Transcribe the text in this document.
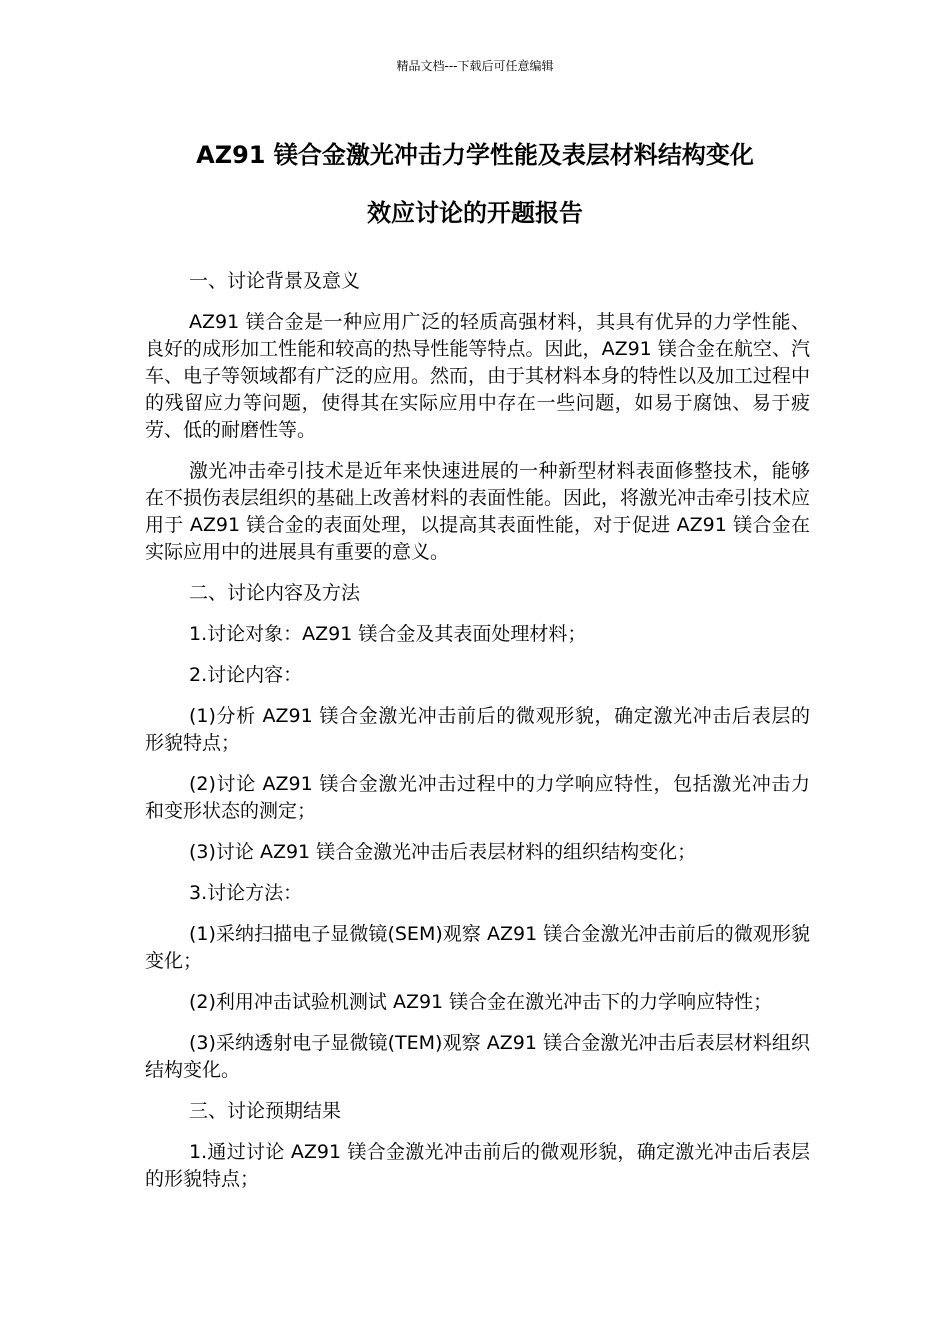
精品文档---下载后可任意编辑
AZ91 镁合金激光冲击力学性能及表层材料结构变化
效应讨论的开题报告

一、讨论背景及意义

AZ91 镁合金是一种应用广泛的轻质高强材料，其具有优异的力学性能、良好的成形加工性能和较高的热导性能等特点。因此，AZ91 镁合金在航空、汽车、电子等领域都有广泛的应用。然而，由于其材料本身的特性以及加工过程中的残留应力等问题，使得其在实际应用中存在一些问题，如易于腐蚀、易于疲劳、低的耐磨性等。

激光冲击牵引技术是近年来快速进展的一种新型材料表面修整技术，能够在不损伤表层组织的基础上改善材料的表面性能。因此，将激光冲击牵引技术应用于 AZ91 镁合金的表面处理，以提高其表面性能，对于促进 AZ91 镁合金在实际应用中的进展具有重要的意义。

二、讨论内容及方法

1.讨论对象：AZ91 镁合金及其表面处理材料；

2.讨论内容：

(1)分析 AZ91 镁合金激光冲击前后的微观形貌，确定激光冲击后表层的形貌特点；

(2)讨论 AZ91 镁合金激光冲击过程中的力学响应特性，包括激光冲击力和变形状态的测定；

(3)讨论 AZ91 镁合金激光冲击后表层材料的组织结构变化；

3.讨论方法：

(1)采纳扫描电子显微镜(SEM)观察 AZ91 镁合金激光冲击前后的微观形貌变化；

(2)利用冲击试验机测试 AZ91 镁合金在激光冲击下的力学响应特性；

(3)采纳透射电子显微镜(TEM)观察 AZ91 镁合金激光冲击后表层材料组织结构变化。

三、讨论预期结果

1.通过讨论 AZ91 镁合金激光冲击前后的微观形貌，确定激光冲击后表层的形貌特点；
